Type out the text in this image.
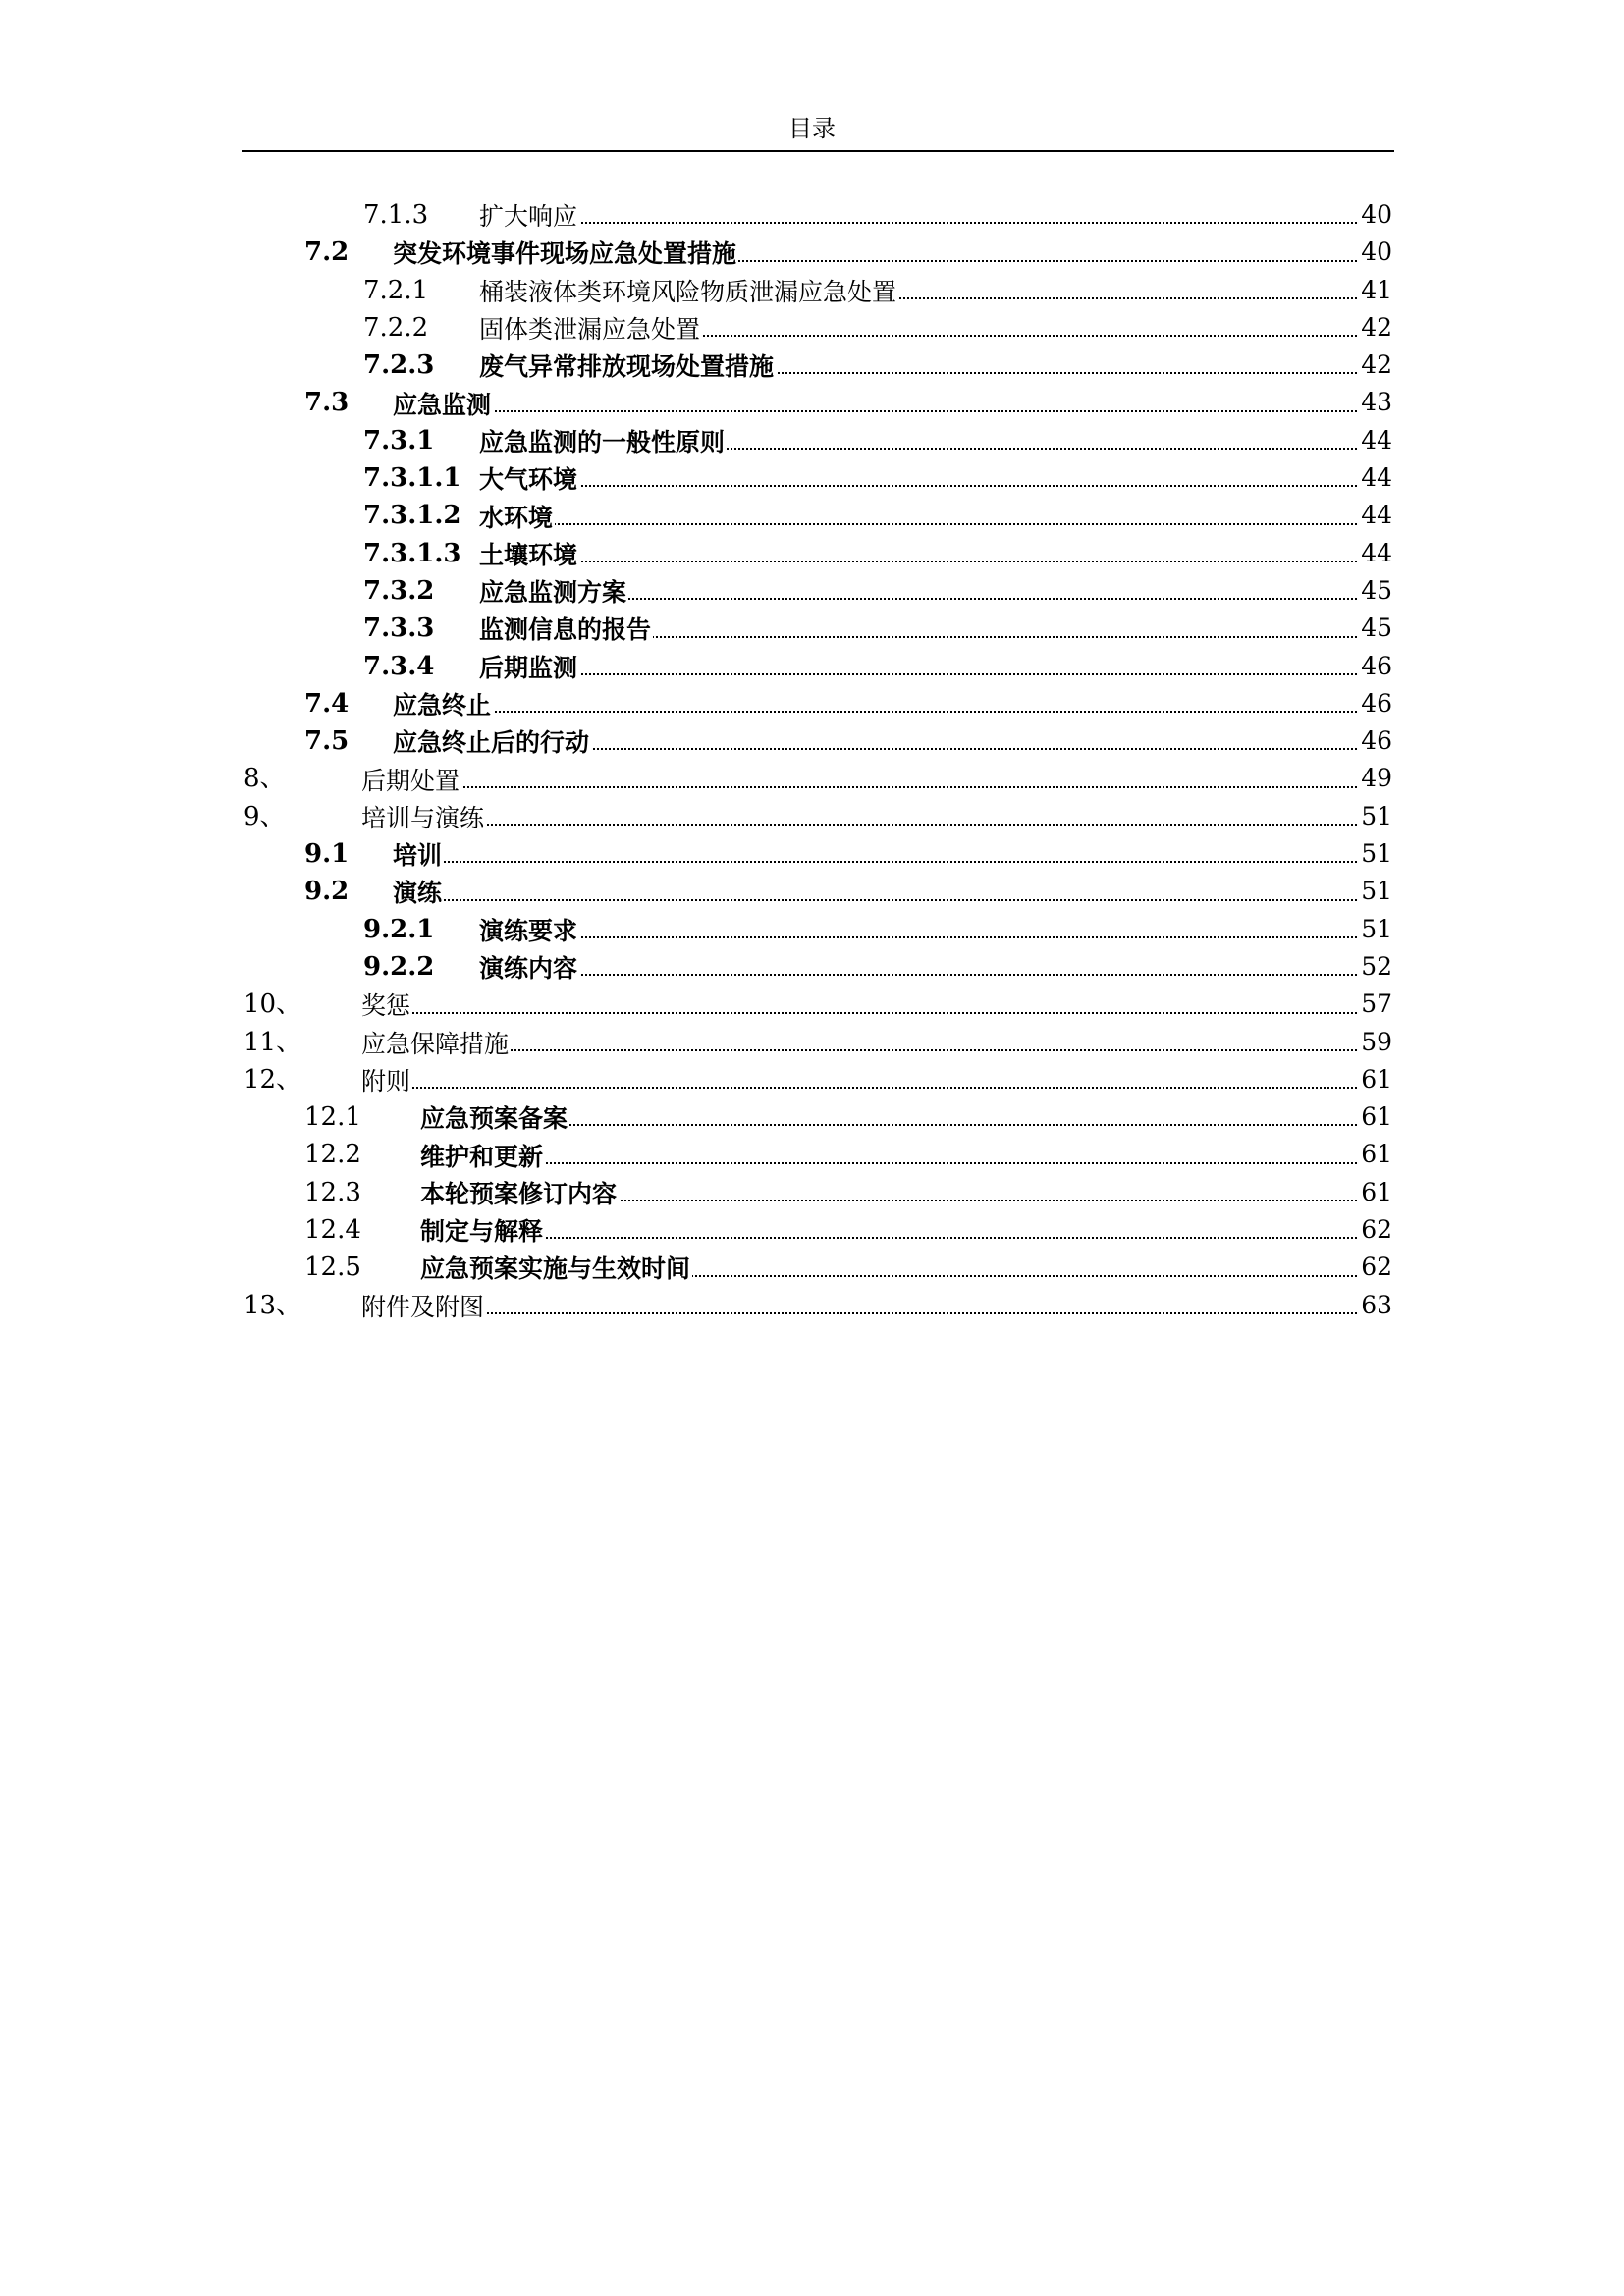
目录
7.1.3 扩大响应	40
7.2 突发环境事件现场应急处置措施	40
7.2.1 桶装液体类环境风险物质泄漏应急处置	41
7.2.2 固体类泄漏应急处置	42
7.2.3 废气异常排放现场处置措施	42
7.3 应急监测	43
7.3.1 应急监测的一般性原则	44
7.3.1.1 大气环境	44
7.3.1.2 水环境	44
7.3.1.3 土壤环境	44
7.3.2 应急监测方案	45
7.3.3 监测信息的报告	45
7.3.4 后期监测	46
7.4 应急终止	46
7.5 应急终止后的行动	46
8、	后期处置	49
9、	培训与演练	51
9.1 培训	51
9.2 演练	51
9.2.1 演练要求	51
9.2.2 演练内容	52
10、 奖惩	57
11、 应急保障措施	59
12、 附则	61
12.1 应急预案备案	61
12.2 维护和更新	61
12.3 本轮预案修订内容	61
12.4 制定与解释	62
12.5 应急预案实施与生效时间	62
13、 附件及附图	63
